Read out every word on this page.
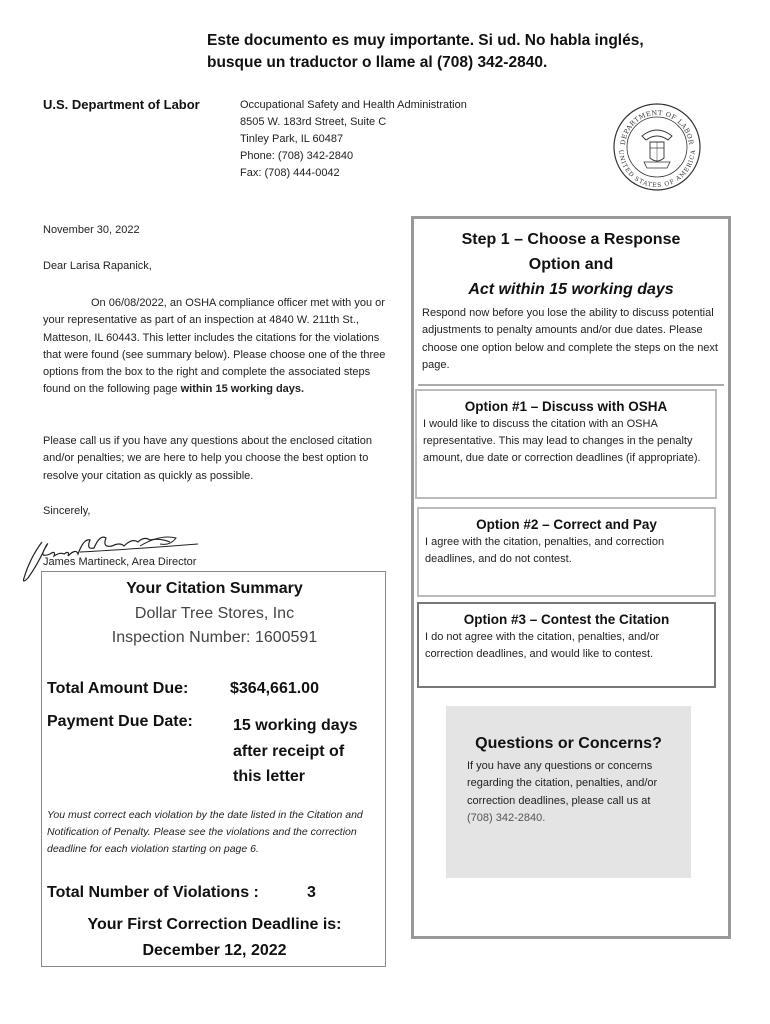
Este documento es muy importante. Si ud. No habla inglés,
busque un traductor o llame al (708) 342-2840.
U.S. Department of Labor	Occupational Safety and Health Administration
8505 W. 183rd Street, Suite C
Tinley Park, IL 60487
Phone: (708) 342-2840
Fax: (708) 444-0042
DEPARTMENT OF LABOR
UNITED STATES OF AMERICA
November 30, 2022
Dear Larisa Rapanick,
On 06/08/2022, an OSHA compliance officer met with you or your representative as part of an inspection at 4840 W. 211th St., Matteson, IL 60443. This letter includes the citations for the violations that were found (see summary below). Please choose one of the three options from the box to the right and complete the associated steps found on the following page within 15 working days.
Please call us if you have any questions about the enclosed citation and/or penalties; we are here to help you choose the best option to resolve your citation as quickly as possible.
Sincerely,
James Martineck, Area Director
Your Citation Summary
Dollar Tree Stores, Inc
Inspection Number: 1600591
Total Amount Due:	$364,661.00
Payment Due Date:	15 working days
after receipt of
this letter
You must correct each violation by the date listed in the Citation and Notification of Penalty. Please see the violations and the correction deadline for each violation starting on page 6.
Total Number of Violations :	3
Your First Correction Deadline is:
December 12, 2022
Step 1 – Choose a Response
Option and
Act within 15 working days
Respond now before you lose the ability to discuss potential adjustments to penalty amounts and/or due dates. Please choose one option below and complete the steps on the next page.
Option #1 – Discuss with OSHA
I would like to discuss the citation with an OSHA representative. This may lead to changes in the penalty amount, due date or correction deadlines (if appropriate).
Option #2 – Correct and Pay
I agree with the citation, penalties, and correction deadlines, and do not contest.
Option #3 – Contest the Citation
I do not agree with the citation, penalties, and/or correction deadlines, and would like to contest.
Questions or Concerns?
If you have any questions or concerns regarding the citation, penalties, and/or correction deadlines, please call us at (708) 342-2840.
